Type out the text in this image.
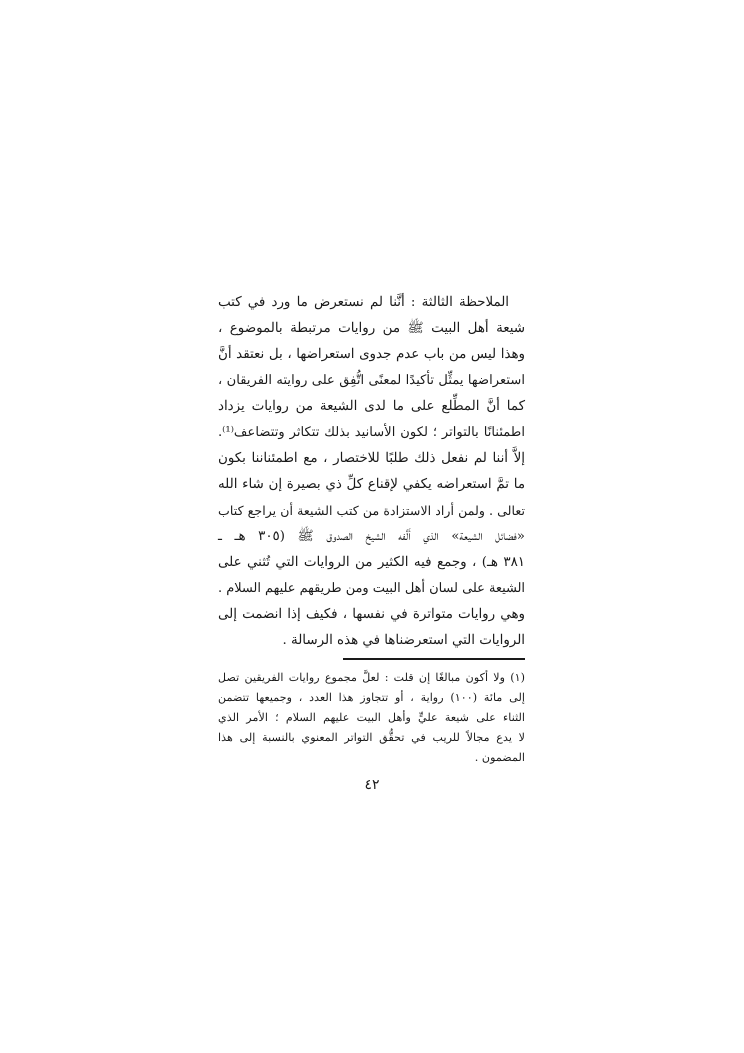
الملاحظة الثالثة : أنَّنا لم نستعرض ما ورد في كتب
شيعة أهل البيت ﷺ من روايات مرتبطة بالموضوع ،
وهذا ليس من باب عدم جدوى استعراضها ، بل نعتقد أنَّ
استعراضها يمثِّل تأكيدًا لمعنًى اتُّفِق على روايته الفريقان ،
كما أنَّ المطِّلع على ما لدى الشيعة من روايات يزداد
اطمئنانًا بالتواتر ؛ لكون الأسانيد بذلك تتكاثر وتتضاعف⁽¹⁾.
إلاَّ أننا لم نفعل ذلك طلبًا للاختصار ، مع اطمئناننا بكون
ما تمَّ استعراضه يكفي لإقناع كلِّ ذي بصيرة إن شاء الله
تعالى . ولمن أراد الاستزادة من كتب الشيعة أن يراجع كتاب
«فضائل الشيعة» الذي أَلَّفه الشيخ الصدوق ﷺ (٣٠٥ هـ ـ
٣٨١ هـ) ، وجمع فيه الكثير من الروايات التي تُثني على
الشيعة على لسان أهل البيت ومن طريقهم عليهم السلام .
وهي روايات متواترة في نفسها ، فكيف إذا انضمت إلى
الروايات التي استعرضناها في هذه الرسالة .
(١) ولا أكون مبالغًا إن قلت : لعلَّ مجموع روايات الفريقين تصل
إلى مائة (١٠٠) رواية ، أو تتجاوز هذا العدد ، وجميعها تتضمن
الثناء على شيعة عليٍّ وأهل البيت عليهم السلام ؛ الأمر الذي
لا يدع مجالاً للريب في تحقُّق التواتر المعنوي بالنسبة إلى هذا
المضمون .
٤٢
